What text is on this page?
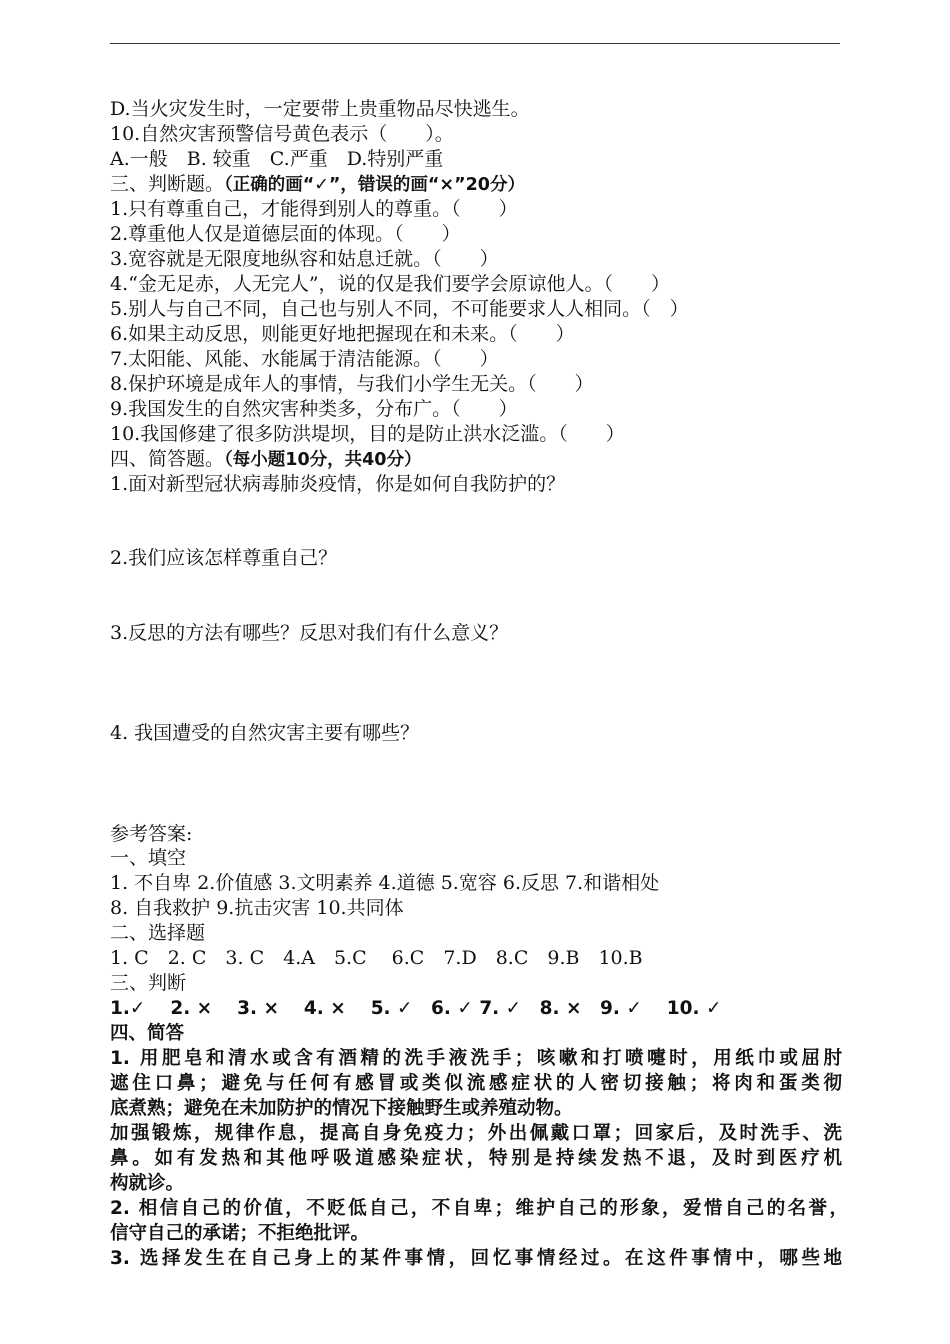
D.当火灾发生时，一定要带上贵重物品尽快逃生。
10.自然灾害预警信号黄色表示（　　）。
A.一般　B. 较重　C.严重　D.特别严重
三、判断题。（正确的画“✓”，错误的画“×”20分）
1.只有尊重自己，才能得到别人的尊重。（　　）
2.尊重他人仅是道德层面的体现。（　　）
3.宽容就是无限度地纵容和姑息迁就。（　　）
4.“金无足赤，人无完人”，说的仅是我们要学会原谅他人。（　　）
5.别人与自己不同，自己也与别人不同，不可能要求人人相同。（　）
6.如果主动反思，则能更好地把握现在和未来。（　　）
7.太阳能、风能、水能属于清洁能源。（　　）
8.保护环境是成年人的事情，与我们小学生无关。（　　）
9.我国发生的自然灾害种类多，分布广。（　　）
10.我国修建了很多防洪堤坝，目的是防止洪水泛滥。（　　）
四、简答题。（每小题10分，共40分）
1.面对新型冠状病毒肺炎疫情，你是如何自我防护的？
2.我们应该怎样尊重自己？
3.反思的方法有哪些？反思对我们有什么意义？
4. 我国遭受的自然灾害主要有哪些？
参考答案:
一、填空
1. 不自卑 2.价值感 3.文明素养 4.道德 5.宽容 6.反思 7.和谐相处
8. 自我救护 9.抗击灾害 10.共同体
二、选择题
1. C　2. C　3. C　4.A　5.C　 6.C　7.D　8.C　9.B　10.B
三、判断
1.✓　 2. ×　 3. ×　 4. ×　 5. ✓　6. ✓ 7. ✓　8. ×　9. ✓　 10. ✓
四、简答
1. 用肥皂和清水或含有酒精的洗手液洗手；咳嗽和打喷嚏时，用纸巾或屈肘
遮住口鼻；避免与任何有感冒或类似流感症状的人密切接触；将肉和蛋类彻
底煮熟；避免在未加防护的情况下接触野生或养殖动物。
加强锻炼，规律作息，提高自身免疫力；外出佩戴口罩；回家后，及时洗手、洗
鼻。如有发热和其他呼吸道感染症状，特别是持续发热不退，及时到医疗机
构就诊。
2. 相信自己的价值，不贬低自己，不自卑；维护自己的形象，爱惜自己的名誉，
信守自己的承诺；不拒绝批评。
3. 选择发生在自己身上的某件事情，回忆事情经过。在这件事情中，哪些地
